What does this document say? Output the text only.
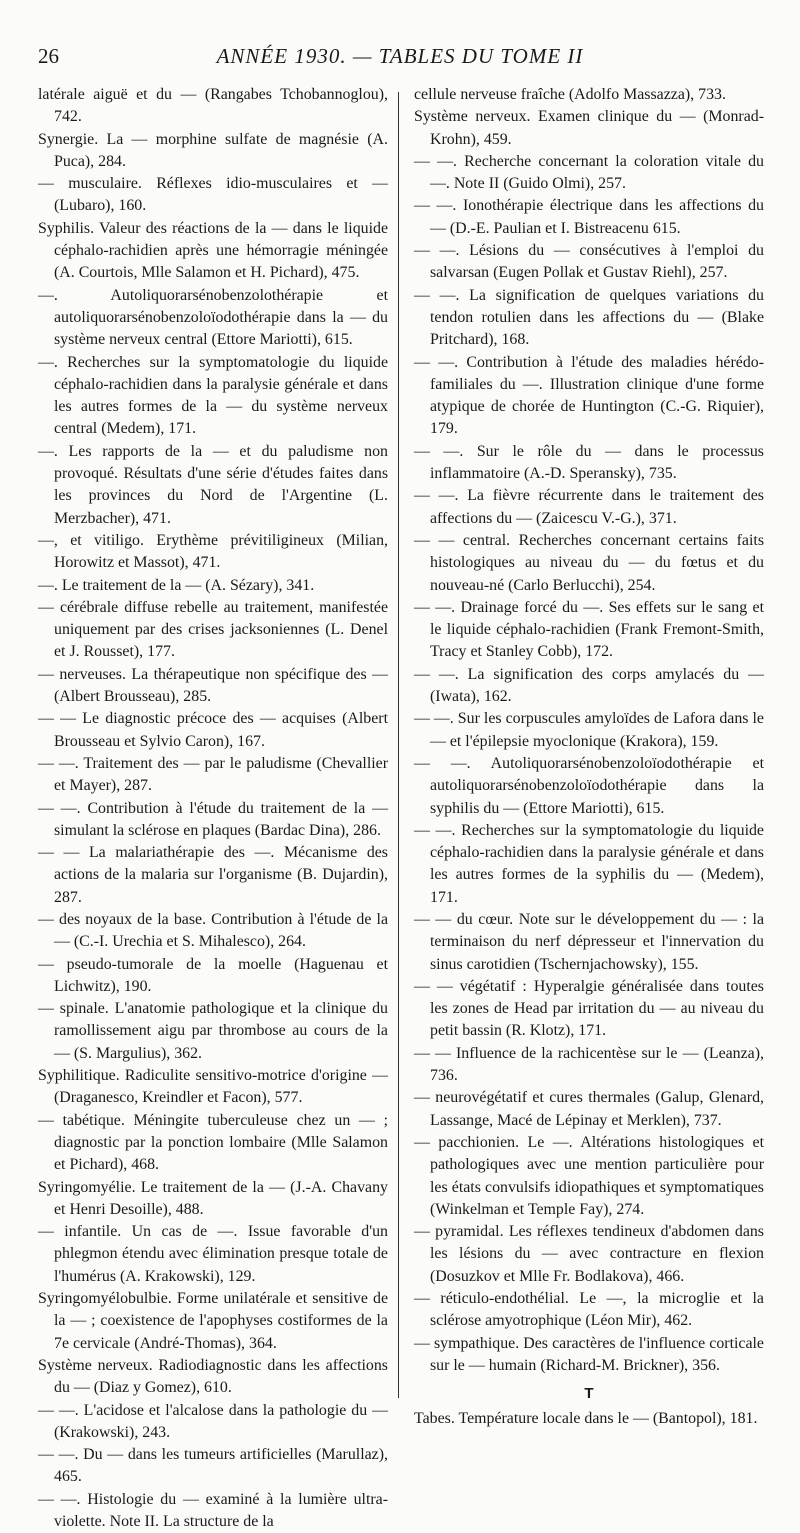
26	ANNÉE 1930. — TABLES DU TOME II

latérale aiguë et du — (Rangabes Tchobannoglou), 742.

Synergie. La — morphine sulfate de magnésie (A. Puca), 284.

— musculaire. Réflexes idio-musculaires et — (Lubaro), 160.

Syphilis. Valeur des réactions de la — dans le liquide céphalo-rachidien après une hémorragie méningée (A. Courtois, Mlle Salamon et H. Pichard), 475.

—. Autoliquorarsénobenzolothérapie et autoliquorarsénobenzoloïodothérapie dans la — du système nerveux central (Ettore Mariotti), 615.

—. Recherches sur la symptomatologie du liquide céphalo-rachidien dans la paralysie générale et dans les autres formes de la — du système nerveux central (Medem), 171.

—. Les rapports de la — et du paludisme non provoqué. Résultats d'une série d'études faites dans les provinces du Nord de l'Argentine (L. Merzbacher), 471.

—, et vitiligo. Erythème prévitiligineux (Milian, Horowitz et Massot), 471.

—. Le traitement de la — (A. Sézary), 341.

— cérébrale diffuse rebelle au traitement, manifestée uniquement par des crises jacksoniennes (L. Denel et J. Rousset), 177.

— nerveuses. La thérapeutique non spécifique des — (Albert Brousseau), 285.

— — Le diagnostic précoce des — acquises (Albert Brousseau et Sylvio Caron), 167.

— —. Traitement des — par le paludisme (Chevallier et Mayer), 287.

— —. Contribution à l'étude du traitement de la — simulant la sclérose en plaques (Bardac Dina), 286.

— — La malariathérapie des —. Mécanisme des actions de la malaria sur l'organisme (B. Dujardin), 287.

— des noyaux de la base. Contribution à l'étude de la — (C.-I. Urechia et S. Mihalesco), 264.

— pseudo-tumorale de la moelle (Haguenau et Lichwitz), 190.

— spinale. L'anatomie pathologique et la clinique du ramollissement aigu par thrombose au cours de la — (S. Margulius), 362.

Syphilitique. Radiculite sensitivo-motrice d'origine — (Draganesco, Kreindler et Facon), 577.

— tabétique. Méningite tuberculeuse chez un — ; diagnostic par la ponction lombaire (Mlle Salamon et Pichard), 468.

Syringomyélie. Le traitement de la — (J.-A. Chavany et Henri Desoille), 488.

— infantile. Un cas de —. Issue favorable d'un phlegmon étendu avec élimination presque totale de l'humérus (A. Krakowski), 129.

Syringomyélobulbie. Forme unilatérale et sensitive de la — ; coexistence de l'apophyses costiformes de la 7e cervicale (André-Thomas), 364.

Système nerveux. Radiodiagnostic dans les affections du — (Diaz y Gomez), 610.

— —. L'acidose et l'alcalose dans la pathologie du — (Krakowski), 243.

— —. Du — dans les tumeurs artificielles (Marullaz), 465.

— —. Histologie du — examiné à la lumière ultra-violette. Note II. La structure de la

cellule nerveuse fraîche (Adolfo Massazza), 733.

Système nerveux. Examen clinique du — (Monrad-Krohn), 459.

— —. Recherche concernant la coloration vitale du —. Note II (Guido Olmi), 257.

— —. Ionothérapie électrique dans les affections du — (D.-E. Paulian et I. Bistreacenu 615.

— —. Lésions du — consécutives à l'emploi du salvarsan (Eugen Pollak et Gustav Riehl), 257.

— —. La signification de quelques variations du tendon rotulien dans les affections du — (Blake Pritchard), 168.

— —. Contribution à l'étude des maladies hérédo-familiales du —. Illustration clinique d'une forme atypique de chorée de Huntington (C.-G. Riquier), 179.

— —. Sur le rôle du — dans le processus inflammatoire (A.-D. Speransky), 735.

— —. La fièvre récurrente dans le traitement des affections du — (Zaicescu V.-G.), 371.

— — central. Recherches concernant certains faits histologiques au niveau du — du fœtus et du nouveau-né (Carlo Berlucchi), 254.

— —. Drainage forcé du —. Ses effets sur le sang et le liquide céphalo-rachidien (Frank Fremont-Smith, Tracy et Stanley Cobb), 172.

— —. La signification des corps amylacés du — (Iwata), 162.

— —. Sur les corpuscules amyloïdes de Lafora dans le — et l'épilepsie myoclonique (Krakora), 159.

— —. Autoliquorarsénobenzoloïodothérapie et autoliquorarsénobenzoloïodothérapie dans la syphilis du — (Ettore Mariotti), 615.

— —. Recherches sur la symptomatologie du liquide céphalo-rachidien dans la paralysie générale et dans les autres formes de la syphilis du — (Medem), 171.

— — du cœur. Note sur le développement du — : la terminaison du nerf dépresseur et l'innervation du sinus carotidien (Tschernjachowsky), 155.

— — végétatif : Hyperalgie généralisée dans toutes les zones de Head par irritation du — au niveau du petit bassin (R. Klotz), 171.

— — Influence de la rachicentèse sur le — (Leanza), 736.

— neurovégétatif et cures thermales (Galup, Glenard, Lassange, Macé de Lépinay et Merklen), 737.

— pacchionien. Le —. Altérations histologiques et pathologiques avec une mention particulière pour les états convulsifs idiopathiques et symptomatiques (Winkelman et Temple Fay), 274.

— pyramidal. Les réflexes tendineux d'abdomen dans les lésions du — avec contracture en flexion (Dosuzkov et Mlle Fr. Bodlakova), 466.

— réticulo-endothélial. Le —, la microglie et la sclérose amyotrophique (Léon Mir), 462.

— sympathique. Des caractères de l'influence corticale sur le — humain (Richard-M. Brickner), 356.

T

Tabes. Température locale dans le — (Bantopol), 181.
